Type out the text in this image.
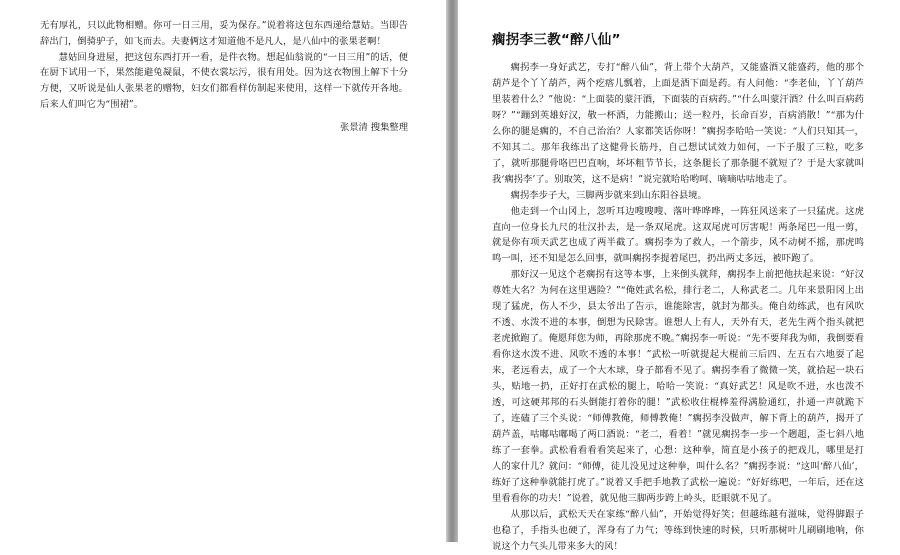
无有厚礼，只以此物相赠。你可一日三用，妥为保存。”说着将这包东西递给慧姑。当即告辞出门，倒骑驴子，如飞而去。夫妻俩这才知道他不是凡人，是八仙中的张果老啊！

慧姑回身进屋，把这包东西打开一看，是件衣物。想起仙翁说的“一日三用”的话，便在厨下试用一下，果然能避兔凝鼠，不使衣裳坛污，很有用处。因为这衣物围上解下十分方便，又听说是仙人张果老的赠物，妇女们都看样仿制起来使用，这样一下就传开各地。后来人们叫它为“围裙”。

张景清 搜集整理

瘸拐李三教“醉八仙”

瘸拐李一身好武艺，专打“醉八仙”，背上带个大葫芦，又能盛酒又能盛药，他的那个葫芦是个丫丫葫芦，两个疙瘩儿瓢着，上面是酒下面是药。有人问他：“李老仙，丫丫葫芦里装着什么？”他说：“上面装的蒙汗酒，下面装的百病药。”“什么叫蒙汗酒？什么叫百病药呀？”“蹦到英雄好汉，敬一杯酒，力能搬山；送一粒丹，长命百岁，百病消散！”“那为什么你的腿是瘸的，不自己治治？人家都笑话你呀！”瘸拐李哈哈一笑说：“人们只知其一，不知其二。那年我练出了这健骨长筋丹，自己想试试效力如何，一下子服了三粒，吃多了，就听那腿骨咯巴巴直响，坏坏粗节节长，这条腿长了那条腿不就短了？于是大家就叫我‘瘸拐李’了。别取笑，这不是病！”说完就哈哈哟呵、嘀嘀咕咕地走了。

瘸拐李步子大，三脚两步就来到山东阳谷县境。

他走到一个山冈上，忽听耳边嗖嗖嗖、落叶哗哗哗，一阵狂风送来了一只猛虎。这虎直向一位身长九尺的壮汉扑去，是一条双尾虎。这双尾虎可厉害呢！两条尾巴一甩一剪，就是你有项天武艺也成了两半截了。瘸拐李为了救人，一个箭步，风不动树不摇，那虎鸣鸣一叫，还不知是怎么回事，就叫瘸拐李提着尾巴，扔出两丈多远，被吓跑了。

那好汉一见这个老瘸拐有这等本事，上来倒头就拜，瘸拐李上前把他扶起来说：“好汉尊姓大名？为何在这里遇险？”“俺姓武名松，排行老二，人称武老二。几年来景阳冈上出现了猛虎，伤人不少，县太爷出了告示，谁能除害，就封为都头。俺自幼练武，也有风吹不透、水泼不进的本事，倒想为民除害。谁想人上有人，天外有天，老先生两个指头就把老虎掀跑了。俺愿拜您为师，再除那虎不晚。”瘸拐李一听说：“先不要拜我为师，我倒要看看你这水泼不进、风吹不透的本事！”武松一听就提起大棍前三后四、左五右六地耍了起来，老远看去，成了一个大木球，身子都看不见了。瘸拐李看了微微一笑，就拾起一块石头，贴地一扔，正好打在武松的腿上，哈哈一笑说：“真好武艺！风是吹不进，水也泼不透，可这硬邦邦的石头倒能打着你的腿！”武松收住棍棒羞得满脸通红，扑通一声就跪下了，连磕了三个头说：“师傅教俺，师傅教俺！”瘸拐李没做声，解下背上的葫芦，揭开了葫芦盖，咕嘟咕嘟喝了两口酒说：“老二，看着！”就见瘸拐李一步一个趔趄，歪七斜八地练了一套拳。武松看看看看笑起来了，心想：这种拳，简直是小孩子的把戏儿，哪里是打人的家什儿？就问：“师傅，徒儿没见过这种拳，叫什么名？”瘸拐李说：“这叫‘醉八仙’，练好了这种拳就能打虎了。”说着又手把手地教了武松一遍说：“好好练吧，一年后，还在这里看看你的功夫！”说着，就见他三脚两步跨上岭头，眨眼就不见了。

从那以后，武松天天在家练“醉八仙”，开始觉得好笑；但越练越有滋味，觉得脚跟子也稳了，手指头也硬了，浑身有了力气；等练到快速的时候，只听那树叶儿刷刷地响，你说这个力气头儿带来多大的风！
